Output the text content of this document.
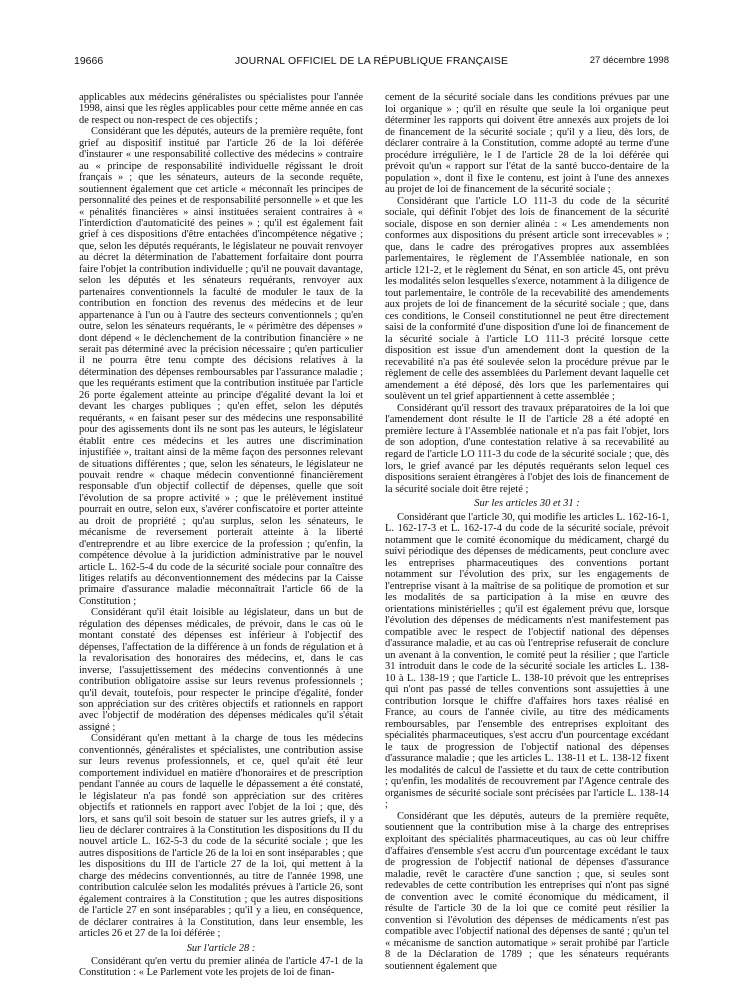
19666	JOURNAL OFFICIEL DE LA RÉPUBLIQUE FRANÇAISE	27 décembre 1998

applicables aux médecins généralistes ou spécialistes pour l'année 1998, ainsi que les règles applicables pour cette même année en cas de respect ou non-respect de ces objectifs ;

Considérant que les députés, auteurs de la première requête, font grief au dispositif institué par l'article 26 de la loi déférée d'instaurer « une responsabilité collective des médecins » contraire au « principe de responsabilité individuelle régissant le droit français » ; que les sénateurs, auteurs de la seconde requête, soutiennent également que cet article « méconnaît les principes de personnalité des peines et de responsabilité personnelle » et que les « pénalités financières » ainsi instituées seraient contraires à « l'interdiction d'automaticité des peines » ; qu'il est également fait grief à ces dispositions d'être entachées d'incompétence négative ; que, selon les députés requérants, le législateur ne pouvait renvoyer au décret la détermination de l'abattement forfaitaire dont pourra faire l'objet la contribution individuelle ; qu'il ne pouvait davantage, selon les députés et les sénateurs requérants, renvoyer aux partenaires conventionnels la faculté de moduler le taux de la contribution en fonction des revenus des médecins et de leur appartenance à l'un ou à l'autre des secteurs conventionnels ; qu'en outre, selon les sénateurs requérants, le « périmètre des dépenses » dont dépend « le déclenchement de la contribution financière » ne serait pas déterminé avec la précision nécessaire ; qu'en particulier il ne pourra être tenu compte des décisions relatives à la détermination des dépenses remboursables par l'assurance maladie ; que les requérants estiment que la contribution instituée par l'article 26 porte également atteinte au principe d'égalité devant la loi et devant les charges publiques ; qu'en effet, selon les députés requérants, « en faisant peser sur des médecins une responsabilité pour des agissements dont ils ne sont pas les auteurs, le législateur établit entre ces médecins et les autres une discrimination injustifiée », traitant ainsi de la même façon des personnes relevant de situations différentes ; que, selon les sénateurs, le législateur ne pouvait rendre « chaque médecin conventionné financièrement responsable d'un objectif collectif de dépenses, quelle que soit l'évolution de sa propre activité » ; que le prélèvement institué pourrait en outre, selon eux, s'avérer confiscatoire et porter atteinte au droit de propriété ; qu'au surplus, selon les sénateurs, le mécanisme de reversement porterait atteinte à la liberté d'entreprendre et au libre exercice de la profession ; qu'enfin, la compétence dévolue à la juridiction administrative par le nouvel article L. 162-5-4 du code de la sécurité sociale pour connaître des litiges relatifs au déconventionnement des médecins par la Caisse primaire d'assurance maladie méconnaîtrait l'article 66 de la Constitution ;

Considérant qu'il était loisible au législateur, dans un but de régulation des dépenses médicales, de prévoir, dans le cas où le montant constaté des dépenses est inférieur à l'objectif des dépenses, l'affectation de la différence à un fonds de régulation et à la revalorisation des honoraires des médecins, et, dans le cas inverse, l'assujettissement des médecins conventionnés à une contribution obligatoire assise sur leurs revenus professionnels ; qu'il devait, toutefois, pour respecter le principe d'égalité, fonder son appréciation sur des critères objectifs et rationnels en rapport avec l'objectif de modération des dépenses médicales qu'il s'était assigné ;

Considérant qu'en mettant à la charge de tous les médecins conventionnés, généralistes et spécialistes, une contribution assise sur leurs revenus professionnels, et ce, quel qu'ait été leur comportement individuel en matière d'honoraires et de prescription pendant l'année au cours de laquelle le dépassement a été constaté, le législateur n'a pas fondé son appréciation sur des critères objectifs et rationnels en rapport avec l'objet de la loi ; que, dès lors, et sans qu'il soit besoin de statuer sur les autres griefs, il y a lieu de déclarer contraires à la Constitution les dispositions du II du nouvel article L. 162-5-3 du code de la sécurité sociale ; que les autres dispositions de l'article 26 de la loi en sont inséparables ; que les dispositions du III de l'article 27 de la loi, qui mettent à la charge des médecins conventionnés, au titre de l'année 1998, une contribution calculée selon les modalités prévues à l'article 26, sont également contraires à la Constitution ; que les autres dispositions de l'article 27 en sont inséparables ; qu'il y a lieu, en conséquence, de déclarer contraires à la Constitution, dans leur ensemble, les articles 26 et 27 de la loi déférée ;

Sur l'article 28 :

Considérant qu'en vertu du premier alinéa de l'article 47-1 de la Constitution : « Le Parlement vote les projets de loi de finan-

cement de la sécurité sociale dans les conditions prévues par une loi organique » ; qu'il en résulte que seule la loi organique peut déterminer les rapports qui doivent être annexés aux projets de loi de financement de la sécurité sociale ; qu'il y a lieu, dès lors, de déclarer contraire à la Constitution, comme adopté au terme d'une procédure irrégulière, le I de l'article 28 de la loi déférée qui prévoit qu'un « rapport sur l'état de la santé bucco-dentaire de la population », dont il fixe le contenu, est joint à l'une des annexes au projet de loi de financement de la sécurité sociale ;

Considérant que l'article LO 111-3 du code de la sécurité sociale, qui définit l'objet des lois de financement de la sécurité sociale, dispose en son dernier alinéa : « Les amendements non conformes aux dispositions du présent article sont irrecevables » ; que, dans le cadre des prérogatives propres aux assemblées parlementaires, le règlement de l'Assemblée nationale, en son article 121-2, et le règlement du Sénat, en son article 45, ont prévu les modalités selon lesquelles s'exerce, notamment à la diligence de tout parlementaire, le contrôle de la recevabilité des amendements aux projets de loi de financement de la sécurité sociale ; que, dans ces conditions, le Conseil constitutionnel ne peut être directement saisi de la conformité d'une disposition d'une loi de financement de la sécurité sociale à l'article LO 111-3 précité lorsque cette disposition est issue d'un amendement dont la question de la recevabilité n'a pas été soulevée selon la procédure prévue par le règlement de celle des assemblées du Parlement devant laquelle cet amendement a été déposé, dès lors que les parlementaires qui soulèvent un tel grief appartiennent à cette assemblée ;

Considérant qu'il ressort des travaux préparatoires de la loi que l'amendement dont résulte le II de l'article 28 a été adopté en première lecture à l'Assemblée nationale et n'a pas fait l'objet, lors de son adoption, d'une contestation relative à sa recevabilité au regard de l'article LO 111-3 du code de la sécurité sociale ; que, dès lors, le grief avancé par les députés requérants selon lequel ces dispositions seraient étrangères à l'objet des lois de financement de la sécurité sociale doit être rejeté ;

Sur les articles 30 et 31 :

Considérant que l'article 30, qui modifie les articles L. 162-16-1, L. 162-17-3 et L. 162-17-4 du code de la sécurité sociale, prévoit notamment que le comité économique du médicament, chargé du suivi périodique des dépenses de médicaments, peut conclure avec les entreprises pharmaceutiques des conventions portant notamment sur l'évolution des prix, sur les engagements de l'entreprise visant à la maîtrise de sa politique de promotion et sur les modalités de sa participation à la mise en œuvre des orientations ministérielles ; qu'il est également prévu que, lorsque l'évolution des dépenses de médicaments n'est manifestement pas compatible avec le respect de l'objectif national des dépenses d'assurance maladie, et au cas où l'entreprise refuserait de conclure un avenant à la convention, le comité peut la résilier ; que l'article 31 introduit dans le code de la sécurité sociale les articles L. 138-10 à L. 138-19 ; que l'article L. 138-10 prévoit que les entreprises qui n'ont pas passé de telles conventions sont assujetties à une contribution lorsque le chiffre d'affaires hors taxes réalisé en France, au cours de l'année civile, au titre des médicaments remboursables, par l'ensemble des entreprises exploitant des spécialités pharmaceutiques, s'est accru d'un pourcentage excédant le taux de progression de l'objectif national des dépenses d'assurance maladie ; que les articles L. 138-11 et L. 138-12 fixent les modalités de calcul de l'assiette et du taux de cette contribution ; qu'enfin, les modalités de recouvrement par l'Agence centrale des organismes de sécurité sociale sont précisées par l'article L. 138-14 ;

Considérant que les députés, auteurs de la première requête, soutiennent que la contribution mise à la charge des entreprises exploitant des spécialités pharmaceutiques, au cas où leur chiffre d'affaires d'ensemble s'est accru d'un pourcentage excédant le taux de progression de l'objectif national de dépenses d'assurance maladie, revêt le caractère d'une sanction ; que, si seules sont redevables de cette contribution les entreprises qui n'ont pas signé de convention avec le comité économique du médicament, il résulte de l'article 30 de la loi que ce comité peut résilier la convention si l'évolution des dépenses de médicaments n'est pas compatible avec l'objectif national des dépenses de santé ; qu'un tel « mécanisme de sanction automatique » serait prohibé par l'article 8 de la Déclaration de 1789 ; que les sénateurs requérants soutiennent également que
